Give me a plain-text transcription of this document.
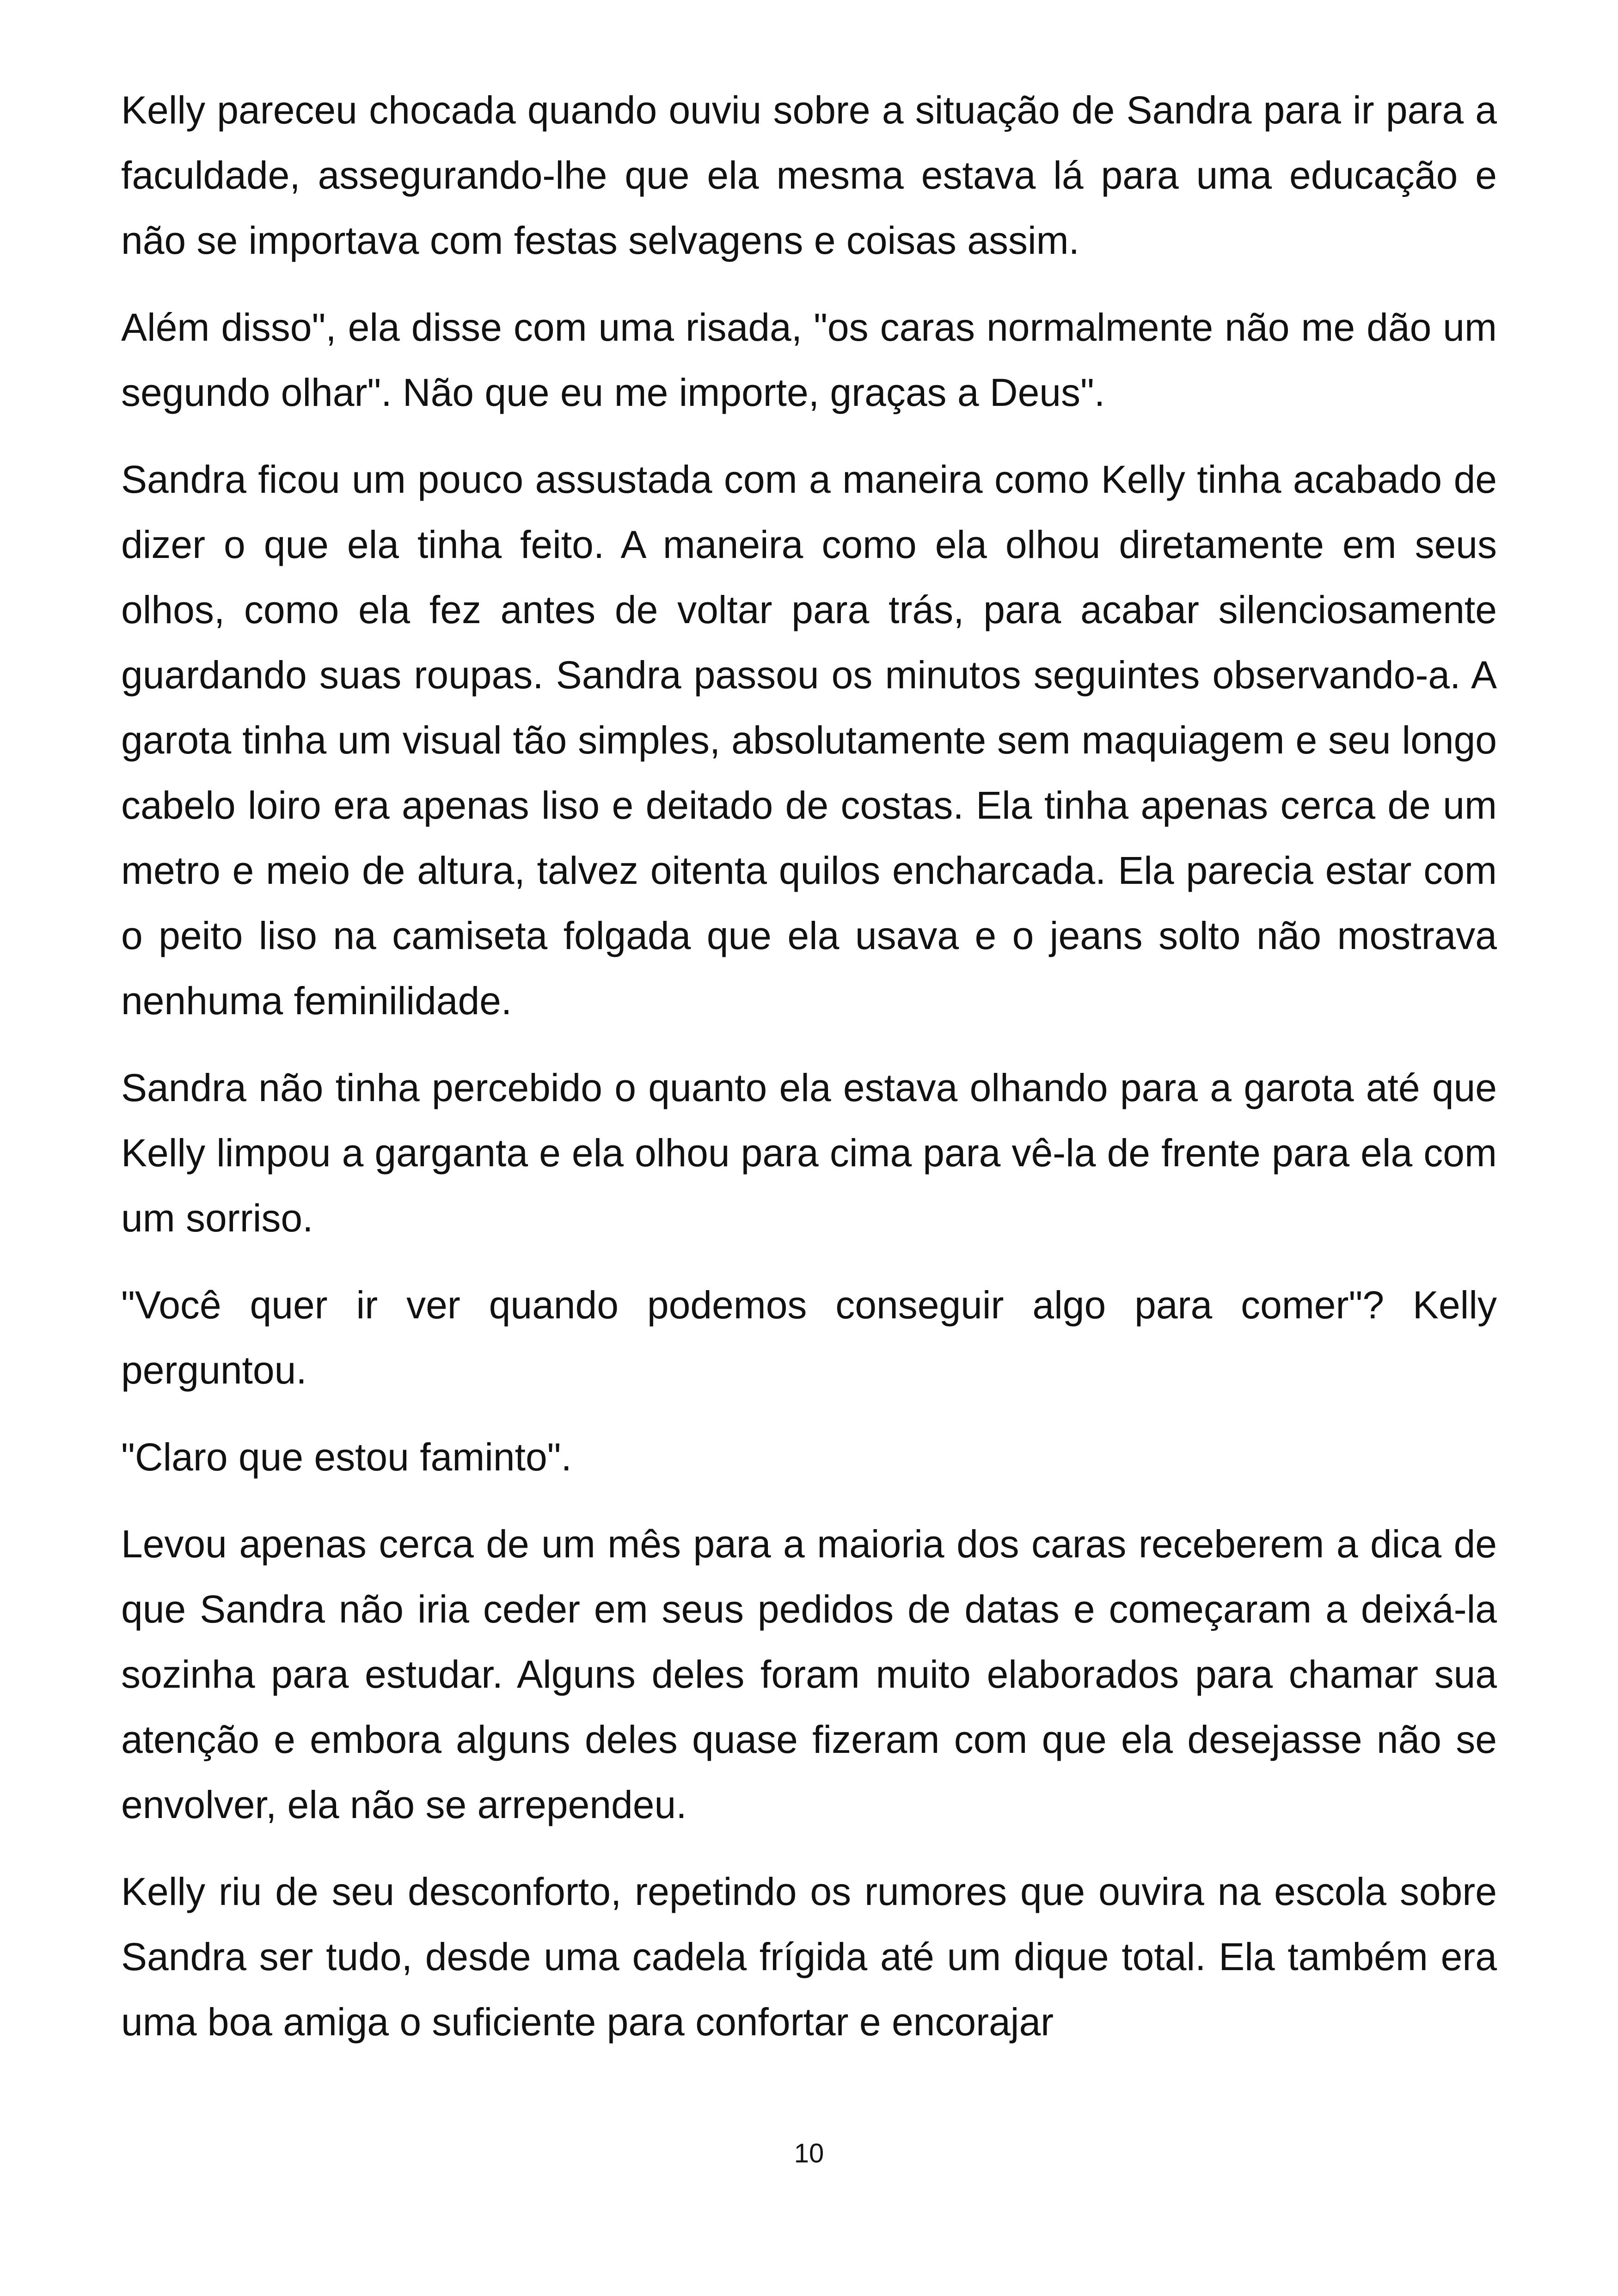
Kelly pareceu chocada quando ouviu sobre a situação de Sandra para ir para a faculdade, assegurando-lhe que ela mesma estava lá para uma educação e não se importava com festas selvagens e coisas assim.

Além disso", ela disse com uma risada, "os caras normalmente não me dão um segundo olhar". Não que eu me importe, graças a Deus".

Sandra ficou um pouco assustada com a maneira como Kelly tinha acabado de dizer o que ela tinha feito. A maneira como ela olhou diretamente em seus olhos, como ela fez antes de voltar para trás, para acabar silenciosamente guardando suas roupas. Sandra passou os minutos seguintes observando-a. A garota tinha um visual tão simples, absolutamente sem maquiagem e seu longo cabelo loiro era apenas liso e deitado de costas. Ela tinha apenas cerca de um metro e meio de altura, talvez oitenta quilos encharcada. Ela parecia estar com o peito liso na camiseta folgada que ela usava e o jeans solto não mostrava nenhuma feminilidade.

Sandra não tinha percebido o quanto ela estava olhando para a garota até que Kelly limpou a garganta e ela olhou para cima para vê-la de frente para ela com um sorriso.

"Você quer ir ver quando podemos conseguir algo para comer"? Kelly perguntou.

"Claro que estou faminto".

Levou apenas cerca de um mês para a maioria dos caras receberem a dica de que Sandra não iria ceder em seus pedidos de datas e começaram a deixá-la sozinha para estudar. Alguns deles foram muito elaborados para chamar sua atenção e embora alguns deles quase fizeram com que ela desejasse não se envolver, ela não se arrependeu.

Kelly riu de seu desconforto, repetindo os rumores que ouvira na escola sobre Sandra ser tudo, desde uma cadela frígida até um dique total. Ela também era uma boa amiga o suficiente para confortar e encorajar

10
